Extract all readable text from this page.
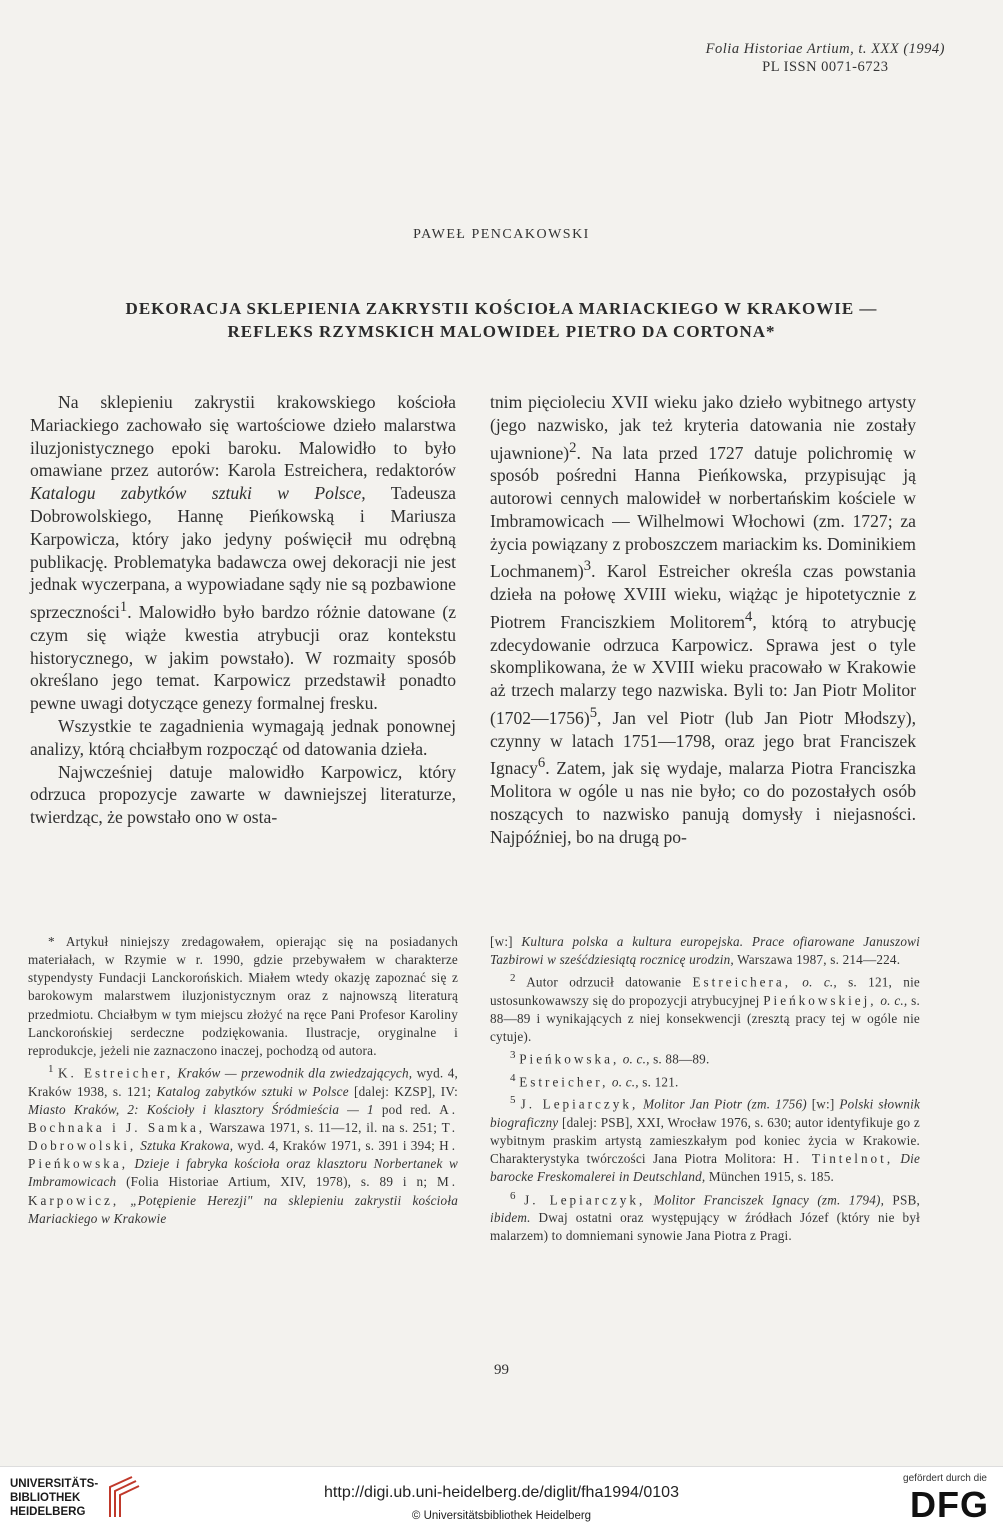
Folia Historiae Artium, t. XXX (1994)
PL ISSN 0071-6723
PAWEŁ PENCAKOWSKI
DEKORACJA SKLEPIENIA ZAKRYSTII KOŚCIOŁA MARIACKIEGO W KRAKOWIE —
REFLEKS RZYMSKICH MALOWIDEŁ PIETRO DA CORTONA*

Na sklepieniu zakrystii krakowskiego kościoła Mariackiego zachowało się wartościowe dzieło malarstwa iluzjonistycznego epoki baroku. Malowidło to było omawiane przez autorów: Karola Estreichera, redaktorów Katalogu zabytków sztuki w Polsce, Tadeusza Dobrowolskiego, Hannę Pieńkowską i Mariusza Karpowicza, który jako jedyny poświęcił mu odrębną publikację. Problematyka badawcza owej dekoracji nie jest jednak wyczerpana, a wypowiadane sądy nie są pozbawione sprzeczności$^1$. Malowidło było bardzo różnie datowane (z czym się wiąże kwestia atrybucji oraz kontekstu historycznego, w jakim powstało). W rozmaity sposób określano jego temat. Karpowicz przedstawił ponadto pewne uwagi dotyczące genezy formalnej fresku.

Wszystkie te zagadnienia wymagają jednak ponownej analizy, którą chciałbym rozpocząć od datowania dzieła.

Najwcześniej datuje malowidło Karpowicz, który odrzuca propozycje zawarte w dawniejszej literaturze, twierdząc, że powstało ono w osta-

tnim pięcioleciu XVII wieku jako dzieło wybitnego artysty (jego nazwisko, jak też kryteria datowania nie zostały ujawnione)$^2$. Na lata przed 1727 datuje polichromię w sposób pośredni Hanna Pieńkowska, przypisując ją autorowi cennych malowideł w norbertańskim kościele w Imbramowicach — Wilhelmowi Włochowi (zm. 1727; za życia powiązany z proboszczem mariackim ks. Dominikiem Lochmanem)$^3$. Karol Estreicher określa czas powstania dzieła na połowę XVIII wieku, wiążąc je hipotetycznie z Piotrem Franciszkiem Molitorem$^4$, którą to atrybucję zdecydowanie odrzuca Karpowicz. Sprawa jest o tyle skomplikowana, że w XVIII wieku pracowało w Krakowie aż trzech malarzy tego nazwiska. Byli to: Jan Piotr Molitor (1702—1756)$^5$, Jan vel Piotr (lub Jan Piotr Młodszy), czynny w latach 1751—1798, oraz jego brat Franciszek Ignacy$^6$. Zatem, jak się wydaje, malarza Piotra Franciszka Molitora w ogóle u nas nie było; co do pozostałych osób noszących to nazwisko panują domysły i niejasności. Najpóźniej, bo na drugą po-

* Artykuł niniejszy zredagowałem, opierając się na posiadanych materiałach, w Rzymie w r. 1990, gdzie przebywałem w charakterze stypendysty Fundacji Lanckorońskich. Miałem wtedy okazję zapoznać się z barokowym malarstwem iluzjonistycznym oraz z najnowszą literaturą przedmiotu. Chciałbym w tym miejscu złożyć na ręce Pani Profesor Karoliny Lanckorońskiej serdeczne podziękowania. Ilustracje, oryginalne i reprodukcje, jeżeli nie zaznaczono inaczej, pochodzą od autora.

$^1$ K. Estreicher, Kraków — przewodnik dla zwiedzających, wyd. 4, Kraków 1938, s. 121; Katalog zabytków sztuki w Polsce [dalej: KZSP], IV: Miasto Kraków, 2: Kościoły i klasztory Śródmieścia — 1 pod red. A. Bochnaka i J. Samka, Warszawa 1971, s. 11—12, il. na s. 251; T. Dobrowolski, Sztuka Krakowa, wyd. 4, Kraków 1971, s. 391 i 394; H. Pieńkowska, Dzieje i fabryka kościoła oraz klasztoru Norbertanek w Imbramowicach (Folia Historiae Artium, XIV, 1978), s. 89 i n; M. Karpowicz, „Potępienie Herezji" na sklepieniu zakrystii kościoła Mariackiego w Krakowie

[w:] Kultura polska a kultura europejska. Prace ofiarowane Januszowi Tazbirowi w sześćdziesiątą rocznicę urodzin, Warszawa 1987, s. 214—224.

$^2$ Autor odrzucił datowanie Estreichera, o. c., s. 121, nie ustosunkowawszy się do propozycji atrybucyjnej Pieńkowskiej, o. c., s. 88—89 i wynikających z niej konsekwencji (zresztą pracy tej w ogóle nie cytuje).

$^3$ Pieńkowska, o. c., s. 88—89.

$^4$ Estreicher, o. c., s. 121.

$^5$ J. Lepiarczyk, Molitor Jan Piotr (zm. 1756) [w:] Polski słownik biograficzny [dalej: PSB], XXI, Wrocław 1976, s. 630; autor identyfikuje go z wybitnym praskim artystą zamieszkałym pod koniec życia w Krakowie. Charakterystyka twórczości Jana Piotra Molitora: H. Tintelnot, Die barocke Freskomalerei in Deutschland, München 1915, s. 185.

$^6$ J. Lepiarczyk, Molitor Franciszek Ignacy (zm. 1794), PSB, ibidem. Dwaj ostatni oraz występujący w źródłach Józef (który nie był malarzem) to domniemani synowie Jana Piotra z Pragi.

99
UNIVERSITÄTS-
BIBLIOTHEK
HEIDELBERG
http://digi.ub.uni-heidelberg.de/diglit/fha1994/0103
© Universitätsbibliothek Heidelberg
gefördert durch die
DFG
